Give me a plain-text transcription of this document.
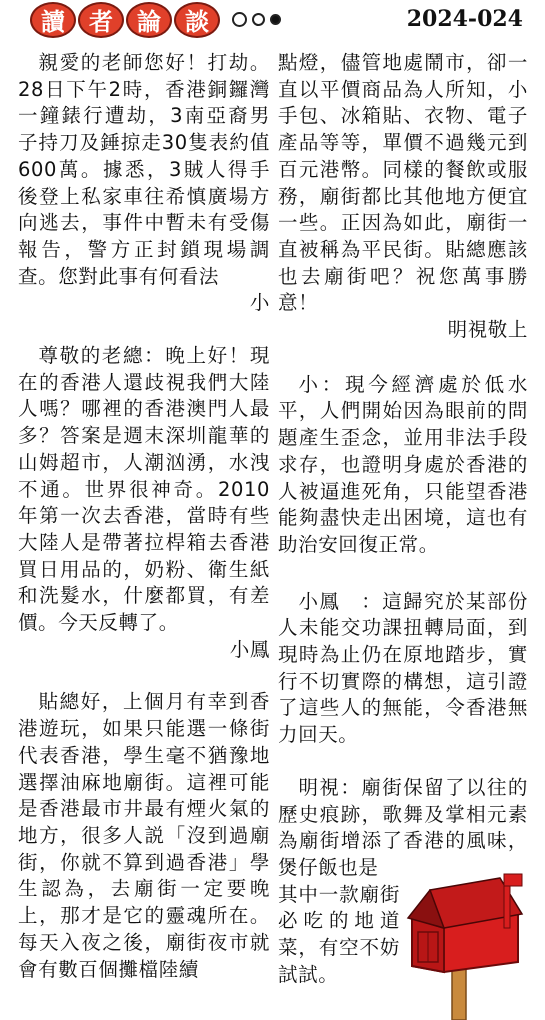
讀	者	論	談	2024-024

親愛的老師您好！打劫。28日下午2時，香港銅鑼灣一鐘錶行遭劫，3南亞裔男子持刀及錘掠走30隻表約值600萬。據悉，3賊人得手後登上私家車往希慎廣場方向逃去，事件中暫未有受傷報告，警方正封鎖現場調查。您對此事有何看法

小

尊敬的老總：晚上好！現在的香港人還歧視我們大陸人嗎？哪裡的香港澳門人最多？答案是週末深圳龍華的山姆超市，人潮汹湧，水洩不通。世界很神奇。2010年第一次去香港，當時有些大陸人是帶著拉桿箱去香港買日用品的，奶粉、衛生紙和洗髮水，什麼都買，有差價。今天反轉了。

小鳳

貼總好，上個月有幸到香港遊玩，如果只能選一條街代表香港，學生毫不猶豫地選擇油麻地廟街。這裡可能是香港最市井最有煙火氣的地方，很多人説「沒到過廟街，你就不算到過香港」學生認為，去廟街一定要晚上，那才是它的靈魂所在。每天入夜之後，廟街夜市就會有數百個攤檔陸續

點燈，儘管地處鬧市，卻一直以平價商品為人所知，小手包、冰箱貼、衣物、電子產品等等，單價不過幾元到百元港幣。同樣的餐飲或服務，廟街都比其他地方便宜一些。正因為如此，廟街一直被稱為平民街。貼總應該也去廟街吧？祝您萬事勝意！

明視敬上

小：現今經濟處於低水平，人們開始因為眼前的問題產生歪念，並用非法手段求存，也證明身處於香港的人被逼進死角，只能望香港能夠盡快走出困境，這也有助治安回復正常。

小鳳　：這歸究於某部份人未能交功課扭轉局面，到現時為止仍在原地踏步，實行不切實際的構想，這引證了這些人的無能，令香港無力回天。

明視：廟街保留了以往的歷史痕跡，歌舞及掌相元素為廟街增添了香港的風味，煲仔飯也是

其中一款廟街必吃的地道菜，有空不妨試試。
